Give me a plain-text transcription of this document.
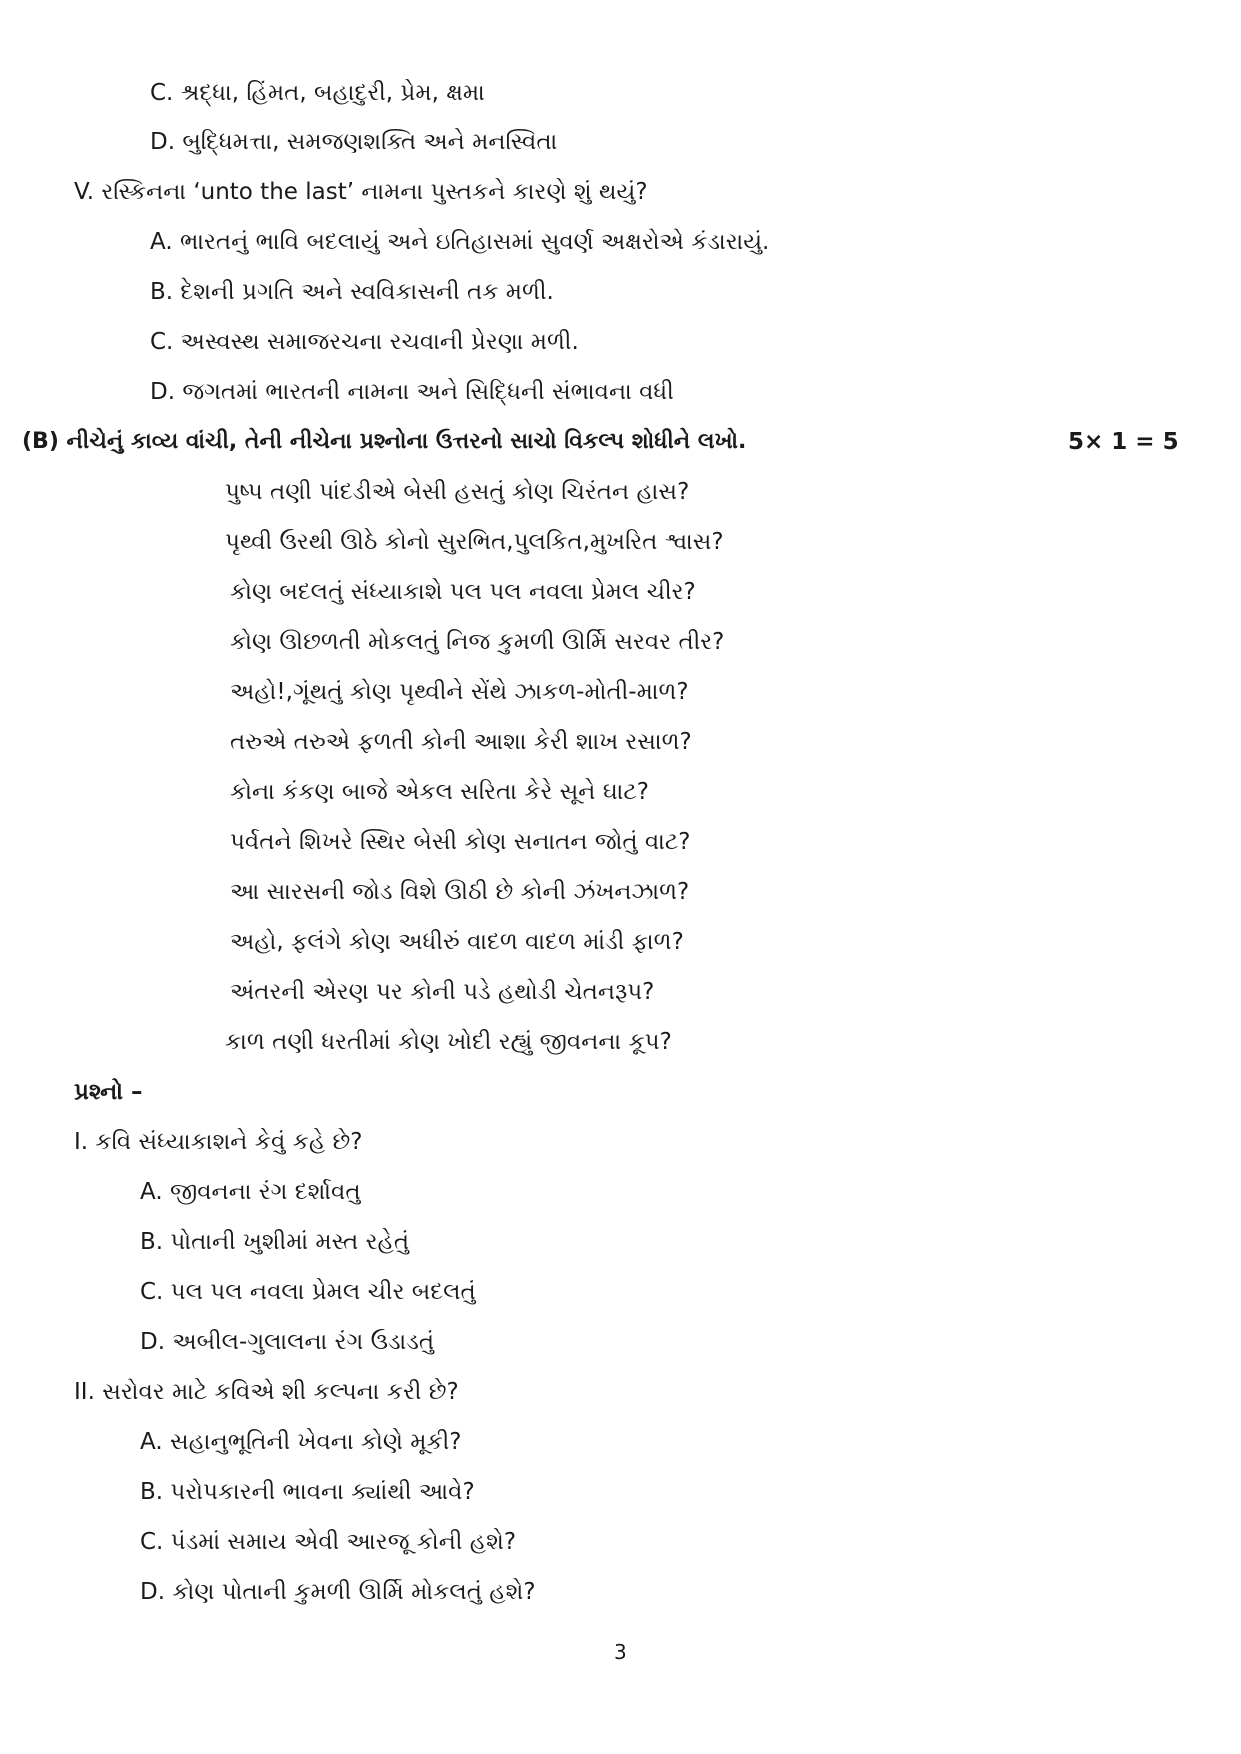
C. શ્રદ્ધા, હિંમત, બહાદુરી, પ્રેમ, ક્ષમા
D. બુદ્ધિમત્તા, સમજણશક્તિ અને મનસ્વિતા
V. રસ્કિનના ‘unto the last’ નામના પુસ્તકને કારણે શું થયું?
A. ભારતનું ભાવિ બદલાયું અને ઇતિહાસમાં સુવર્ણ અક્ષરોએ કંડારાયું.
B. દેશની પ્રગતિ અને સ્વવિકાસની તક મળી.
C. અસ્વસ્થ સમાજરચના રચવાની પ્રેરણા મળી.
D. જગતમાં ભારતની નામના અને સિદ્ધિની સંભાવના વધી
(B) નીચેનું કાવ્ય વાંચી, તેની નીચેના પ્રશ્નોના ઉત્તરનો સાચો વિકલ્પ શોધીને લખો.	5× 1 = 5
પુષ્પ તણી પાંદડીએ બેસી હસતું કોણ ચિરંતન હાસ?
પૃથ્વી ઉરથી ઊઠે કોનો સુરભિત,પુલકિત,મુખરિત શ્વાસ?
કોણ બદલતું સંધ્યાકાશે પલ પલ નવલા પ્રેમલ ચીર?
કોણ ઊછળતી મોકલતું નિજ કુમળી ઊર્મિ સરવર તીર?
અહો!,ગૂંથતું કોણ પૃથ્વીને સેંથે ઝાકળ-મોતી-માળ?
તરુએ તરુએ ફળતી કોની આશા કેરી શાખ રસાળ?
કોના કંકણ બાજે એકલ સરિતા કેરે સૂને ઘાટ?
પર્વતને શિખરે સ્થિર બેસી કોણ સનાતન જોતું વાટ?
આ સારસની જોડ વિશે ઊઠી છે કોની ઝંખનઝાળ?
અહો, ફલંગે કોણ અધીરું વાદળ વાદળ માંડી ફાળ?
અંતરની એરણ પર કોની પડે હથોડી ચેતનરૂપ?
કાળ તણી ધરતીમાં કોણ ખોદી રહ્યું જીવનના કૂપ?
પ્રશ્નો –
I. કવિ સંધ્યાકાશને કેવું કહે છે?
A. જીવનના રંગ દર્શાવતુ
B. પોતાની ખુશીમાં મસ્ત રહેતું
C. પલ પલ નવલા પ્રેમલ ચીર બદલતું
D. અબીલ-ગુલાલના રંગ ઉડાડતું
II. સરોવર માટે કવિએ શી કલ્પના કરી છે?
A. સહાનુભૂતિની ખેવના કોણે મૂકી?
B. પરોપકારની ભાવના ક્યાંથી આવે?
C. પંડમાં સમાય એવી આરજૂ કોની હશે?
D. કોણ પોતાની કુમળી ઊર્મિ મોકલતું હશે?
3
